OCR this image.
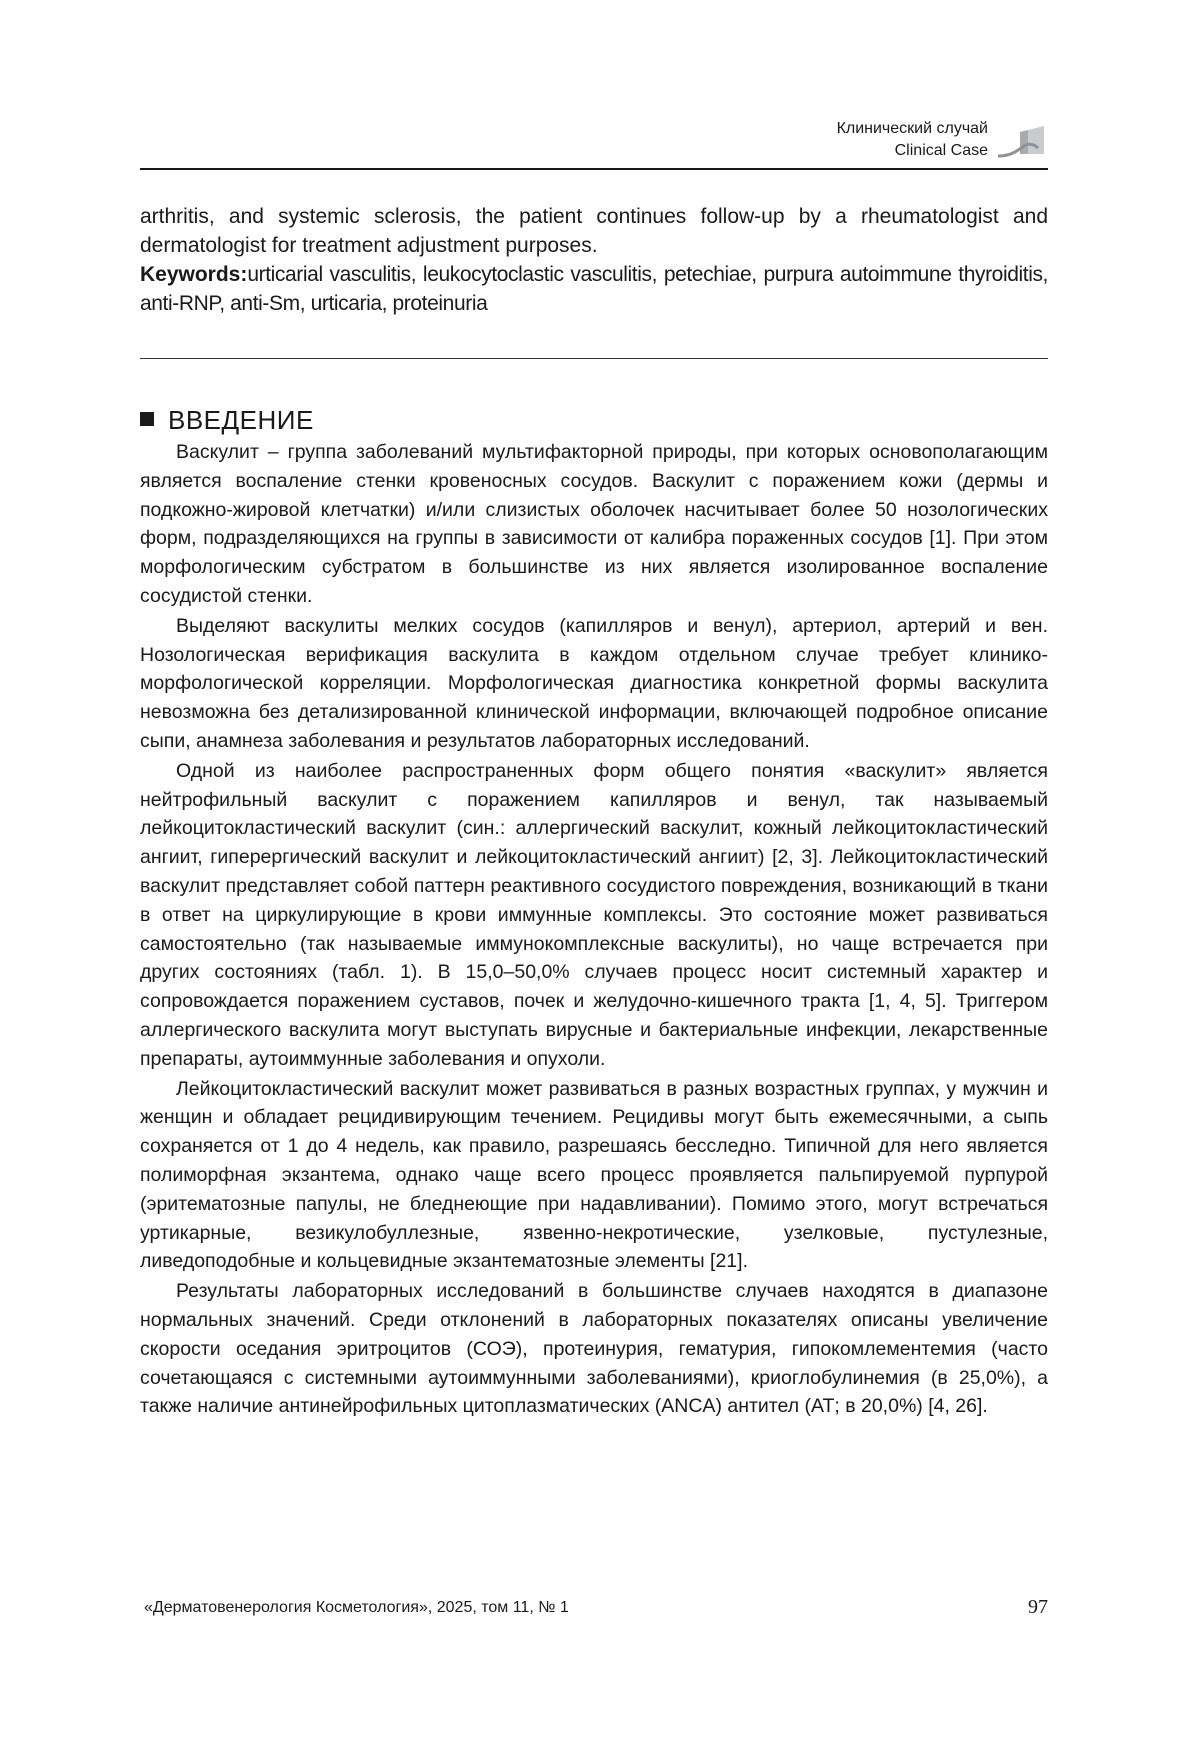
Клинический случай
Clinical Case

arthritis, and systemic sclerosis, the patient continues follow-up by a rheumatologist and dermatologist for treatment adjustment purposes.

Keywords:urticarial vasculitis, leukocytoclastic vasculitis, petechiae, purpura autoimmune thyroiditis, anti-RNP, anti-Sm, urticaria, proteinuria

ВВЕДЕНИЕ

Васкулит – группа заболеваний мультифакторной природы, при которых основополагающим является воспаление стенки кровеносных сосудов. Васкулит с поражением кожи (дермы и подкожно-жировой клетчатки) и/или слизистых оболочек насчитывает более 50 нозологических форм, подразделяющихся на группы в зависимости от калибра пораженных сосудов [1]. При этом морфологическим субстратом в большинстве из них является изолированное воспаление сосудистой стенки.

Выделяют васкулиты мелких сосудов (капилляров и венул), артериол, артерий и вен. Нозологическая верификация васкулита в каждом отдельном случае требует клинико-морфологической корреляции. Морфологическая диагностика конкретной формы васкулита невозможна без детализированной клинической информации, включающей подробное описание сыпи, анамнеза заболевания и результатов лабораторных исследований.

Одной из наиболее распространенных форм общего понятия «васкулит» является нейтрофильный васкулит с поражением капилляров и венул, так называемый лейкоцитокластический васкулит (син.: аллергический васкулит, кожный лейкоцитокластический ангиит, гиперергический васкулит и лейкоцитокластический ангиит) [2, 3]. Лейкоцитокластический васкулит представляет собой паттерн реактивного сосудистого повреждения, возникающий в ткани в ответ на циркулирующие в крови иммунные комплексы. Это состояние может развиваться самостоятельно (так называемые иммунокомплексные васкулиты), но чаще встречается при других состояниях (табл. 1). В 15,0–50,0% случаев процесс носит системный характер и сопровождается поражением суставов, почек и желудочно-кишечного тракта [1, 4, 5]. Триггером аллергического васкулита могут выступать вирусные и бактериальные инфекции, лекарственные препараты, аутоиммунные заболевания и опухоли.

Лейкоцитокластический васкулит может развиваться в разных возрастных группах, у мужчин и женщин и обладает рецидивирующим течением. Рецидивы могут быть ежемесячными, а сыпь сохраняется от 1 до 4 недель, как правило, разрешаясь бесследно. Типичной для него является полиморфная экзантема, однако чаще всего процесс проявляется пальпируемой пурпурой (эритематозные папулы, не бледнеющие при надавливании). Помимо этого, могут встречаться уртикарные, везикулобуллезные, язвенно-некротические, узелковые, пустулезные, ливедоподобные и кольцевидные экзантематозные элементы [21].

Результаты лабораторных исследований в большинстве случаев находятся в диапазоне нормальных значений. Среди отклонений в лабораторных показателях описаны увеличение скорости оседания эритроцитов (СОЭ), протеинурия, гематурия, гипокомлементемия (часто сочетающаяся с системными аутоиммунными заболеваниями), криоглобулинемия (в 25,0%), а также наличие антинейрофильных цитоплазматических (ANCA) антител (АТ; в 20,0%) [4, 26].

«Дерматовенерология Косметология», 2025, том 11, № 1	97
